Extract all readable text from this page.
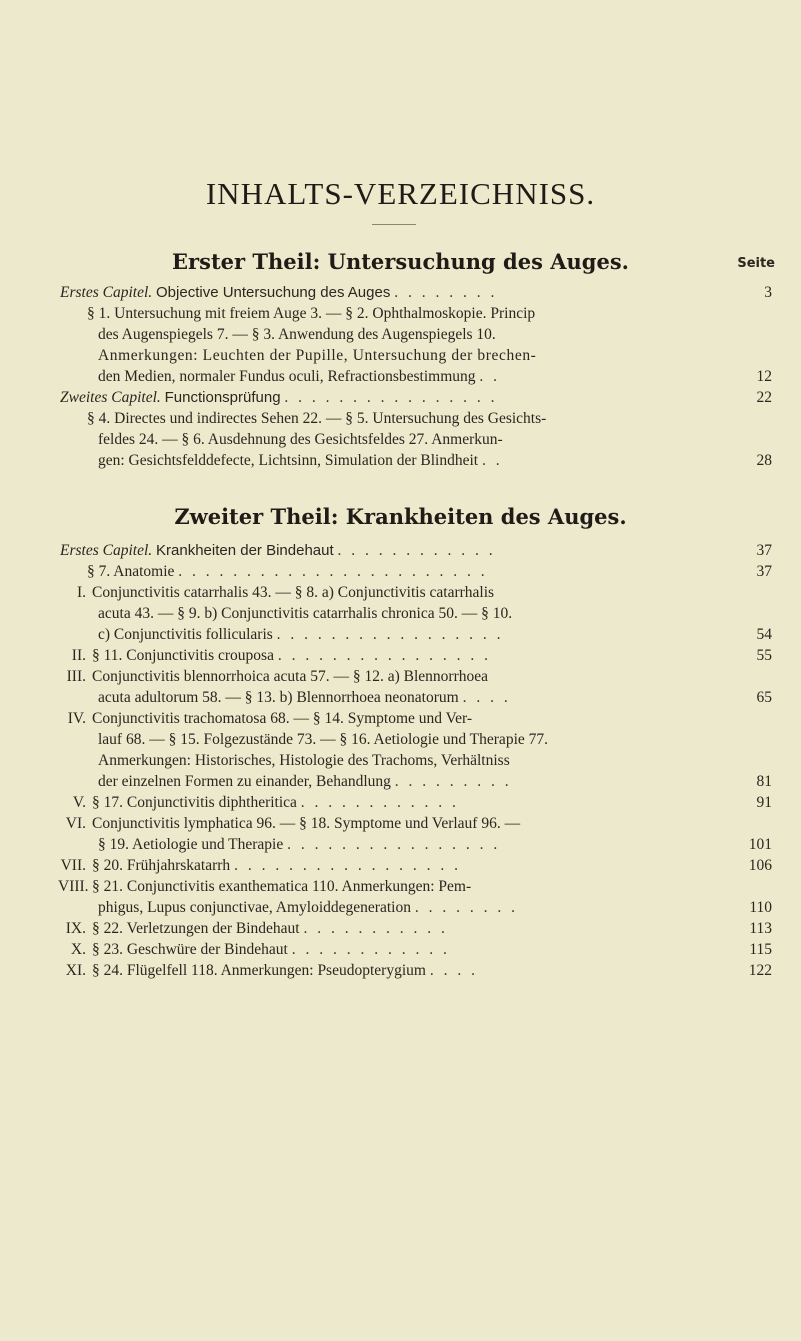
INHALTS-VERZEICHNISS.
Erster Theil: Untersuchung des Auges.	Seite
Erstes Capitel. Objective Untersuchung des Auges . . . . . . . .	3
§ 1. Untersuchung mit freiem Auge 3. — § 2. Ophthalmoskopie. Princip
des Augenspiegels 7. — § 3. Anwendung des Augenspiegels 10.
Anmerkungen: Leuchten der Pupille, Untersuchung der brechen-
den Medien, normaler Fundus oculi, Refractionsbestimmung . .	12
Zweites Capitel. Functionsprüfung . . . . . . . . . . . . . . . .	22
§ 4. Directes und indirectes Sehen 22. — § 5. Untersuchung des Gesichts-
feldes 24. — § 6. Ausdehnung des Gesichtsfeldes 27. Anmerkun-
gen: Gesichtsfelddefecte, Lichtsinn, Simulation der Blindheit . .	28
Zweiter Theil: Krankheiten des Auges.
Erstes Capitel. Krankheiten der Bindehaut . . . . . . . . . . . .	37
§ 7. Anatomie . . . . . . . . . . . . . . . . . . . . . . .	37
I. Conjunctivitis catarrhalis 43. — § 8. a) Conjunctivitis catarrhalis
acuta 43. — § 9. b) Conjunctivitis catarrhalis chronica 50. — § 10.
c) Conjunctivitis follicularis . . . . . . . . . . . . . . . . .	54
II. § 11. Conjunctivitis crouposa . . . . . . . . . . . . . . . .	55
III. Conjunctivitis blennorrhoica acuta 57. — § 12. a) Blennorrhoea
acuta adultorum 58. — § 13. b) Blennorrhoea neonatorum . . . .	65
IV. Conjunctivitis trachomatosa 68. — § 14. Symptome und Ver-
lauf 68. — § 15. Folgezustände 73. — § 16. Aetiologie und Therapie 77.
Anmerkungen: Historisches, Histologie des Trachoms, Verhältniss
der einzelnen Formen zu einander, Behandlung . . . . . . . . .	81
V. § 17. Conjunctivitis diphtheritica . . . . . . . . . . . .	91
VI. Conjunctivitis lymphatica 96. — § 18. Symptome und Verlauf 96. —
§ 19. Aetiologie und Therapie . . . . . . . . . . . . . . . .	101
VII. § 20. Frühjahrskatarrh . . . . . . . . . . . . . . . . .	106
VIII. § 21. Conjunctivitis exanthematica 110. Anmerkungen: Pem-
phigus, Lupus conjunctivae, Amyloiddegeneration . . . . . . . .	110
IX. § 22. Verletzungen der Bindehaut . . . . . . . . . . .	113
X. § 23. Geschwüre der Bindehaut . . . . . . . . . . . .	115
XI. § 24. Flügelfell 118. Anmerkungen: Pseudopterygium . . . .	122
